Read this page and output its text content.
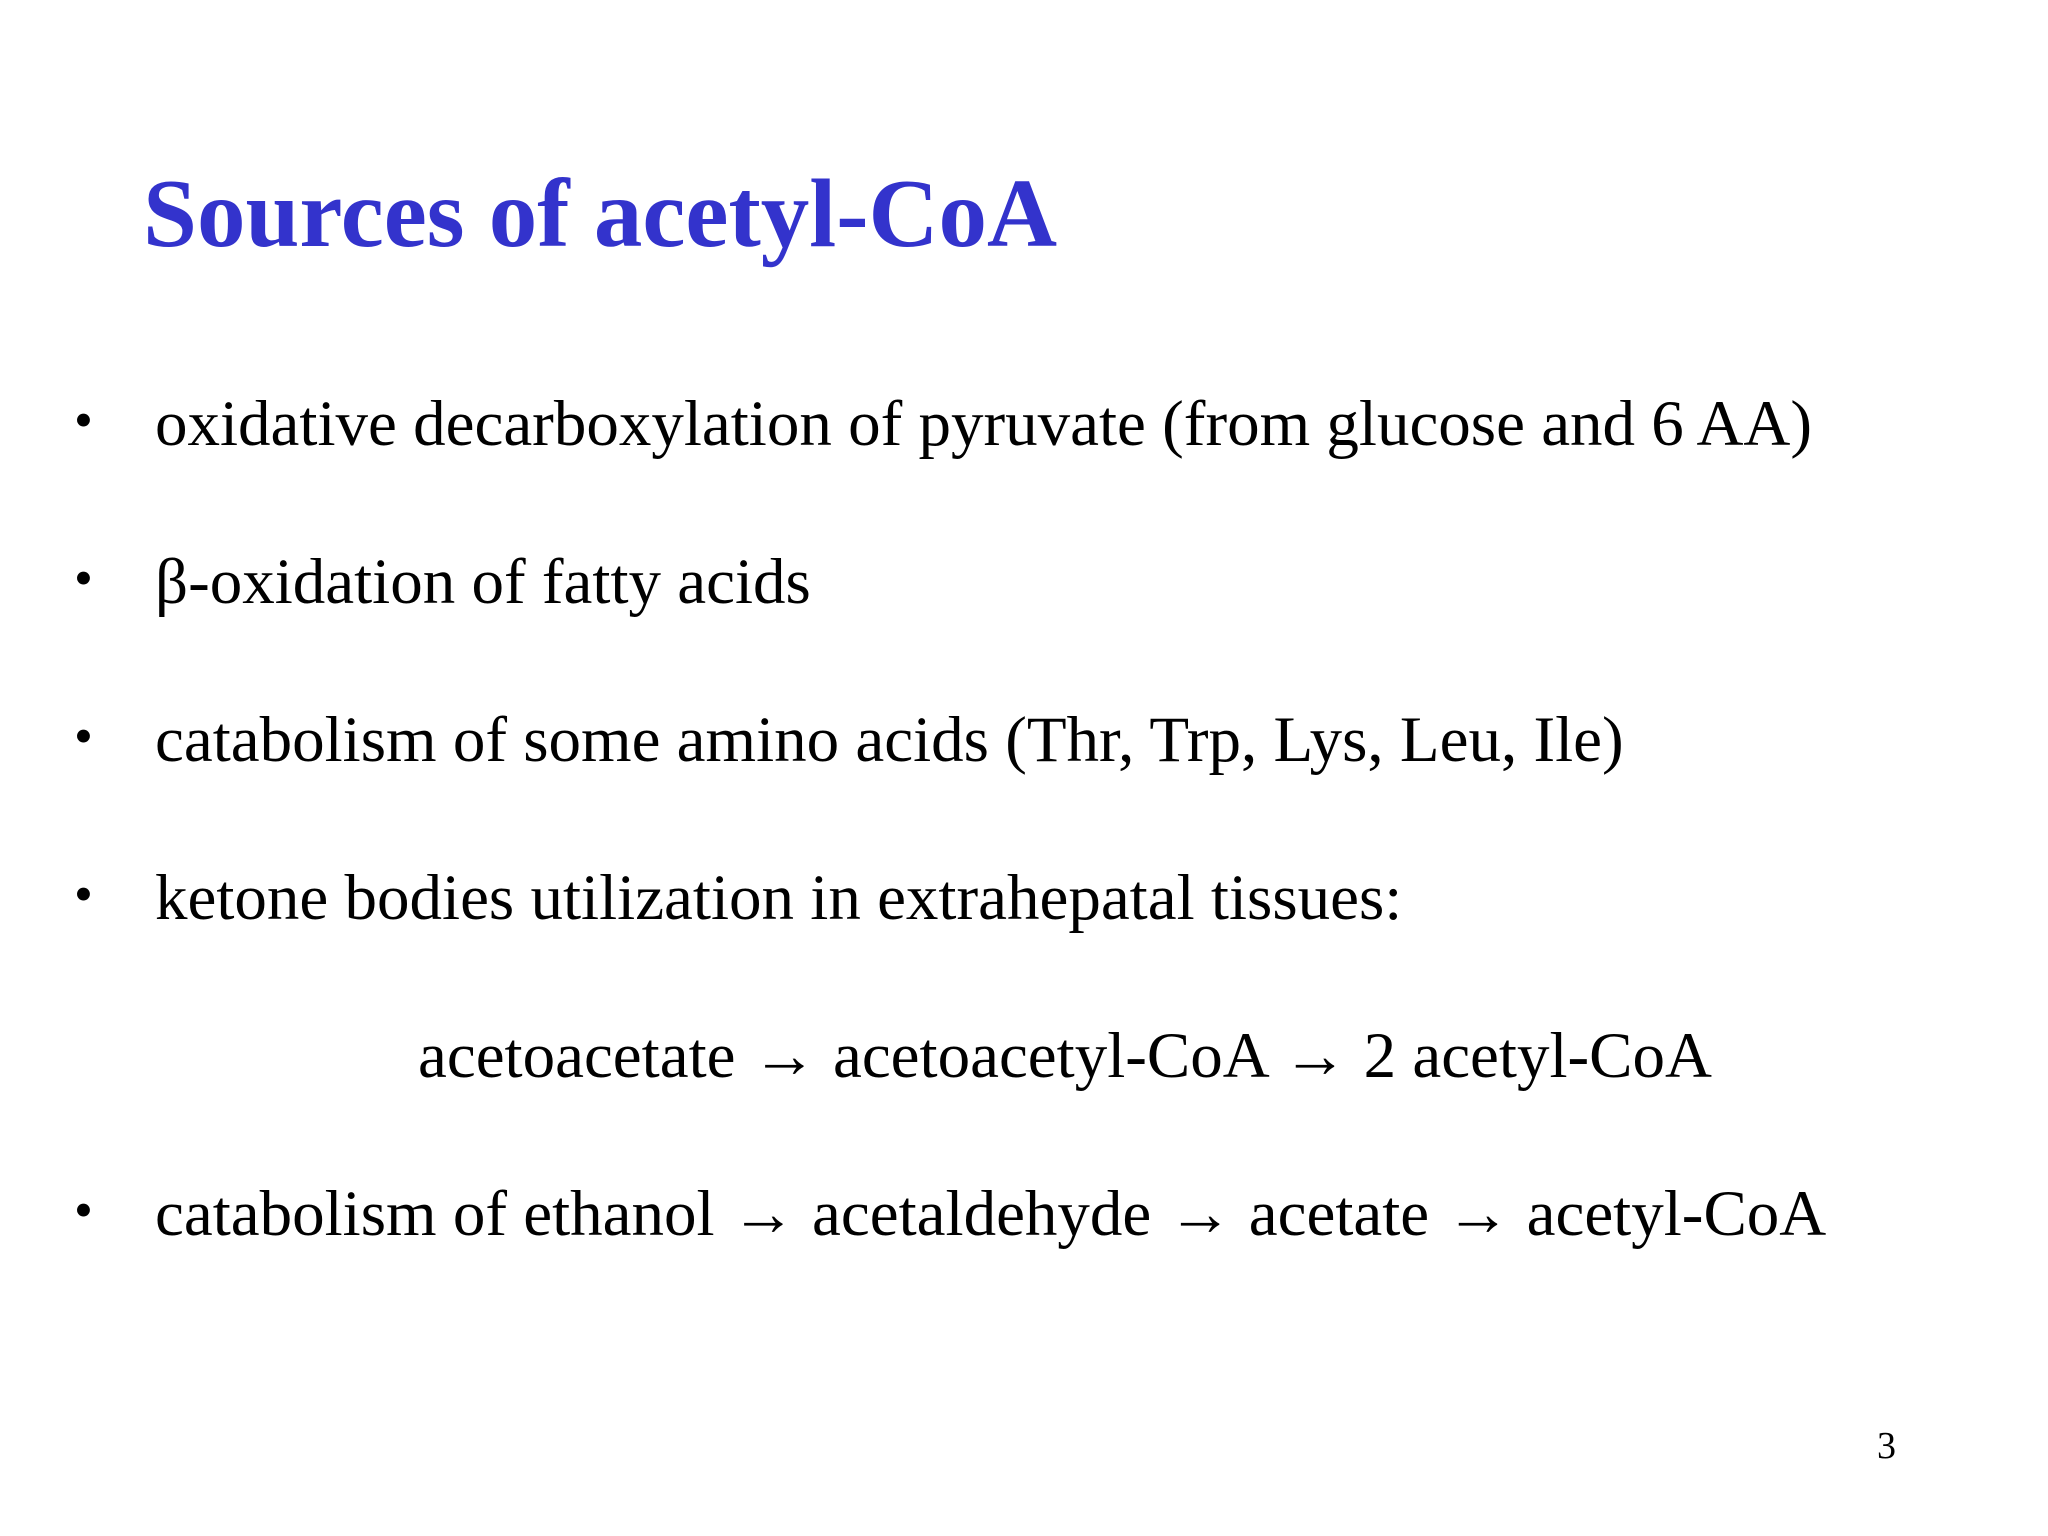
Sources of acetyl-CoA
• oxidative decarboxylation of pyruvate (from glucose and 6 AA)
• β-oxidation of fatty acids
• catabolism of some amino acids (Thr, Trp, Lys, Leu, Ile)
• ketone bodies utilization in extrahepatal tissues:
• catabolism of ethanol → acetaldehyde → acetate → acetyl-CoA

acetoacetate → acetoacetyl-CoA → 2 acetyl-CoA

3
